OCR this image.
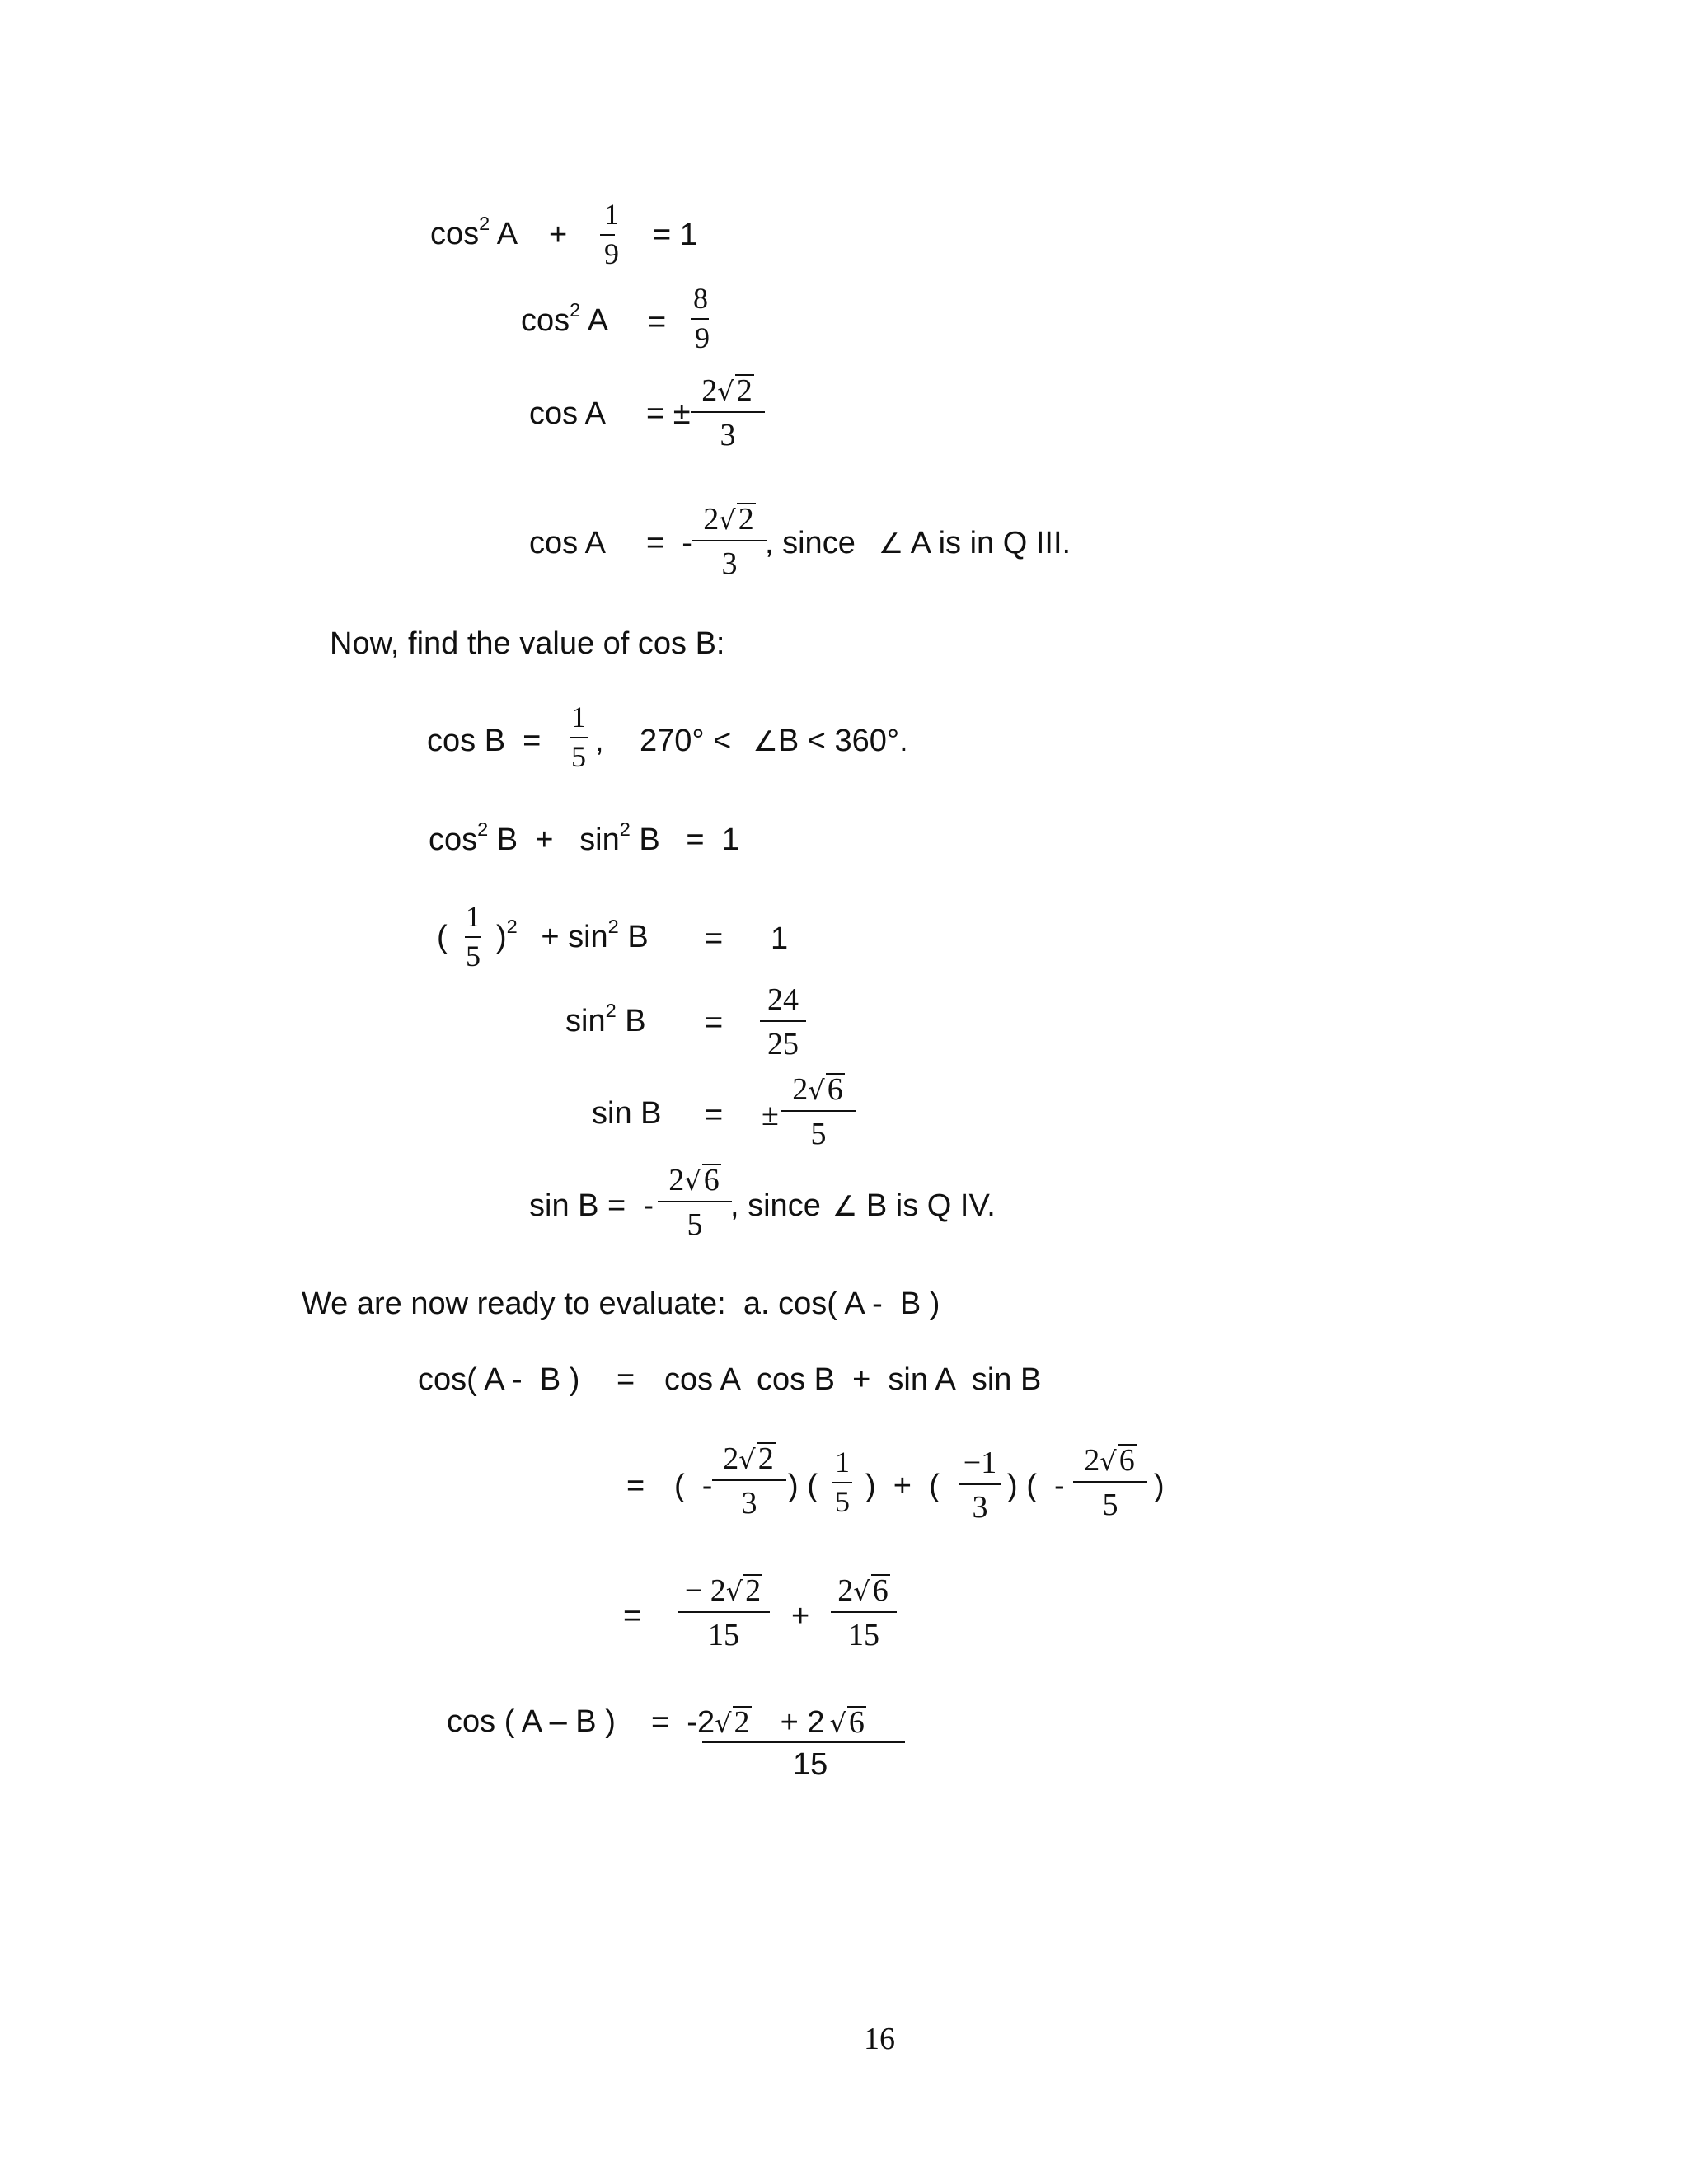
$\cos^2 A$ +
1
9
= 1
$\cos^2 A$ =
8
9
cos A = ±
2√2
3
cos A =  -
2√2
3
, since ∠ A is in Q III.
Now, find the value of cos B:
cos B  =
1
5 , 270° < ∠B < 360°.
$\cos^2 B + \sin^2 B = 1$
(
1
5
)$^2 + \sin^2 B = 1$
$\sin^2 B$ =
24
25
sin B = ±
2√6
5
sin B =  -
2√6
5
, since ∠ B is Q IV.
We are now ready to evaluate:  a. cos( A -  B )
cos( A -  B ) = cos A  cos B  +  sin A  sin B
= (  -
2√2
3 ) (
1
5 )  +  (
−1
3
) (  -
2√6
5
)
=
− 2√2
15
+
2√6
15
cos ( A – B ) =  -2√2  + 2 √6
15
16
